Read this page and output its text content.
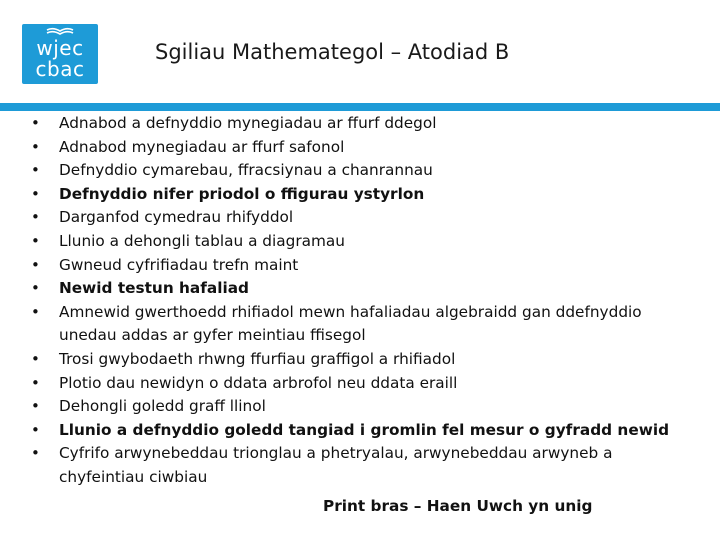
wjec
cbac
Sgiliau Mathemategol – Atodiad B
• Adnabod a defnyddio mynegiadau ar ffurf ddegol
• Adnabod mynegiadau ar ffurf safonol
• Defnyddio cymarebau, ffracsiynau a chanrannau
• Defnyddio nifer priodol o ffigurau ystyrlon
• Darganfod cymedrau rhifyddol
• Llunio a dehongli tablau a diagramau
• Gwneud cyfrifiadau trefn maint
• Newid testun hafaliad
• Amnewid gwerthoedd rhifiadol mewn hafaliadau algebraidd gan ddefnyddio unedau addas ar gyfer meintiau ffisegol
• Trosi gwybodaeth rhwng ffurfiau graffigol a rhifiadol
• Plotio dau newidyn o ddata arbrofol neu ddata eraill
• Dehongli goledd graff llinol
• Llunio a defnyddio goledd tangiad i gromlin fel mesur o gyfradd newid
• Cyfrifo arwynebeddau trionglau a phetryalau, arwynebeddau arwyneb a chyfeintiau ciwbiau
Print bras – Haen Uwch yn unig
